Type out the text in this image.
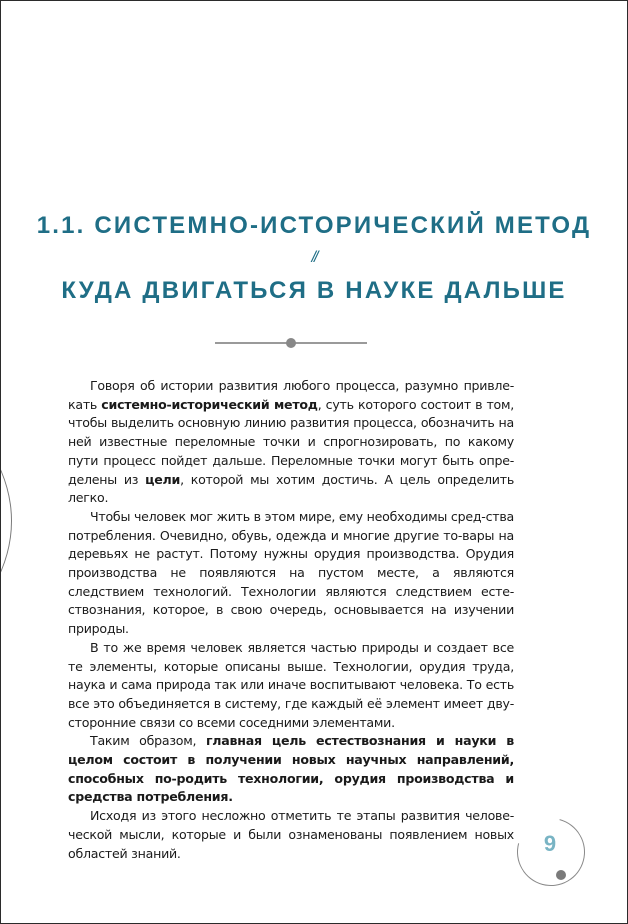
1.1. СИСТЕМНО-ИСТОРИЧЕСКИЙ МЕТОД
//
КУДА ДВИГАТЬСЯ В НАУКЕ ДАЛЬШЕ

Говоря об истории развития любого процесса, разумно привле-кать системно-исторический метод, суть которого состоит в том, чтобы выделить основную линию развития процесса, обозначить на ней известные переломные точки и спрогнозировать, по какому пути процесс пойдет дальше. Переломные точки могут быть опре-делены из цели, которой мы хотим достичь. А цель определить легко.

Чтобы человек мог жить в этом мире, ему необходимы сред-ства потребления. Очевидно, обувь, одежда и многие другие то-вары на деревьях не растут. Потому нужны орудия производства. Орудия производства не появляются на пустом месте, а являются следствием технологий. Технологии являются следствием есте-ствознания, которое, в свою очередь, основывается на изучении природы.

В то же время человек является частью природы и создает все те элементы, которые описаны выше. Технологии, орудия труда, наука и сама природа так или иначе воспитывают человека. То есть все это объединяется в систему, где каждый её элемент имеет дву-сторонние связи со всеми соседними элементами.

Таким образом, главная цель естествознания и науки в целом состоит в получении новых научных направлений, способных по-родить технологии, орудия производства и средства потребления.

Исходя из этого несложно отметить те этапы развития челове-ческой мысли, которые и были ознаменованы появлением новых областей знаний.	9
